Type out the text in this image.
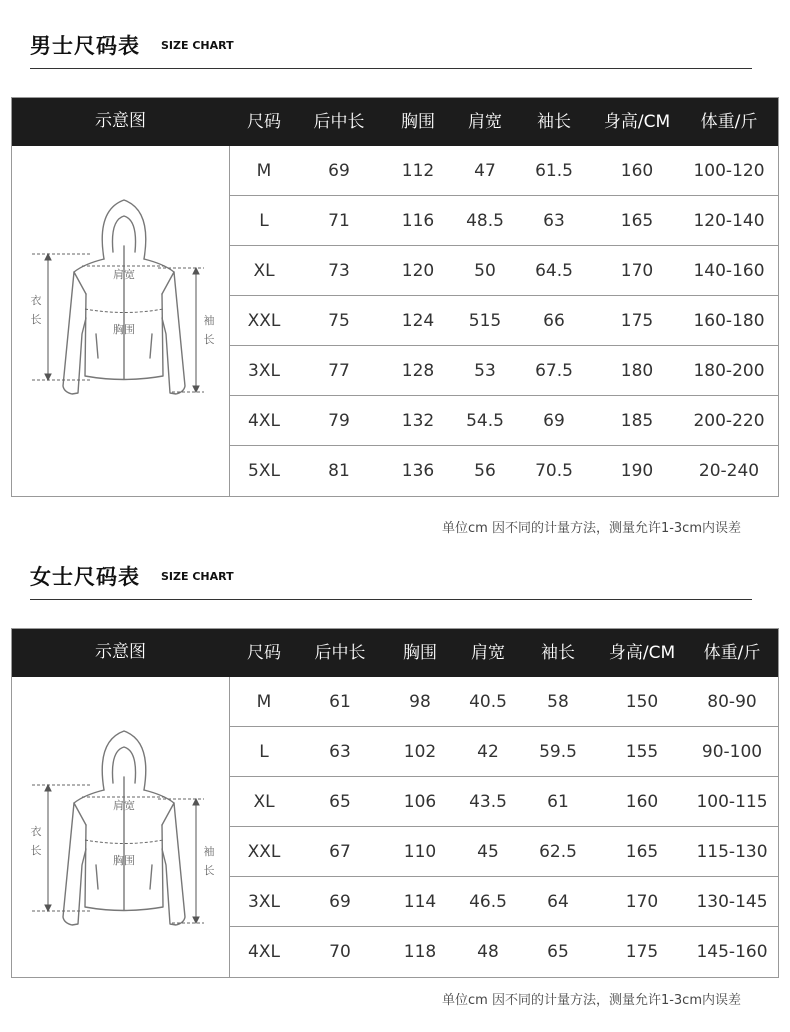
男士尺码表 SIZE CHART
示意图	尺码	后中长	胸围	肩宽	袖长	身高/CM	体重/斤
衣
长
肩宽
胸围
袖
长
M	69	112	47	61.5	160	100-120
L	71	116	48.5	63	165	120-140
XL	73	120	50	64.5	170	140-160
XXL	75	124	515	66	175	160-180
3XL	77	128	53	67.5	180	180-200
4XL	79	132	54.5	69	185	200-220
5XL	81	136	56	70.5	190	20-240
单位cm 因不同的计量方法，测量允许1-3cm内误差
女士尺码表 SIZE CHART
示意图	尺码	后中长	胸围	肩宽	袖长	身高/CM	体重/斤
衣
长
肩宽
胸围
袖
长
M	61	98	40.5	58	150	80-90
L	63	102	42	59.5	155	90-100
XL	65	106	43.5	61	160	100-115
XXL	67	110	45	62.5	165	115-130
3XL	69	114	46.5	64	170	130-145
4XL	70	118	48	65	175	145-160
单位cm 因不同的计量方法，测量允许1-3cm内误差
